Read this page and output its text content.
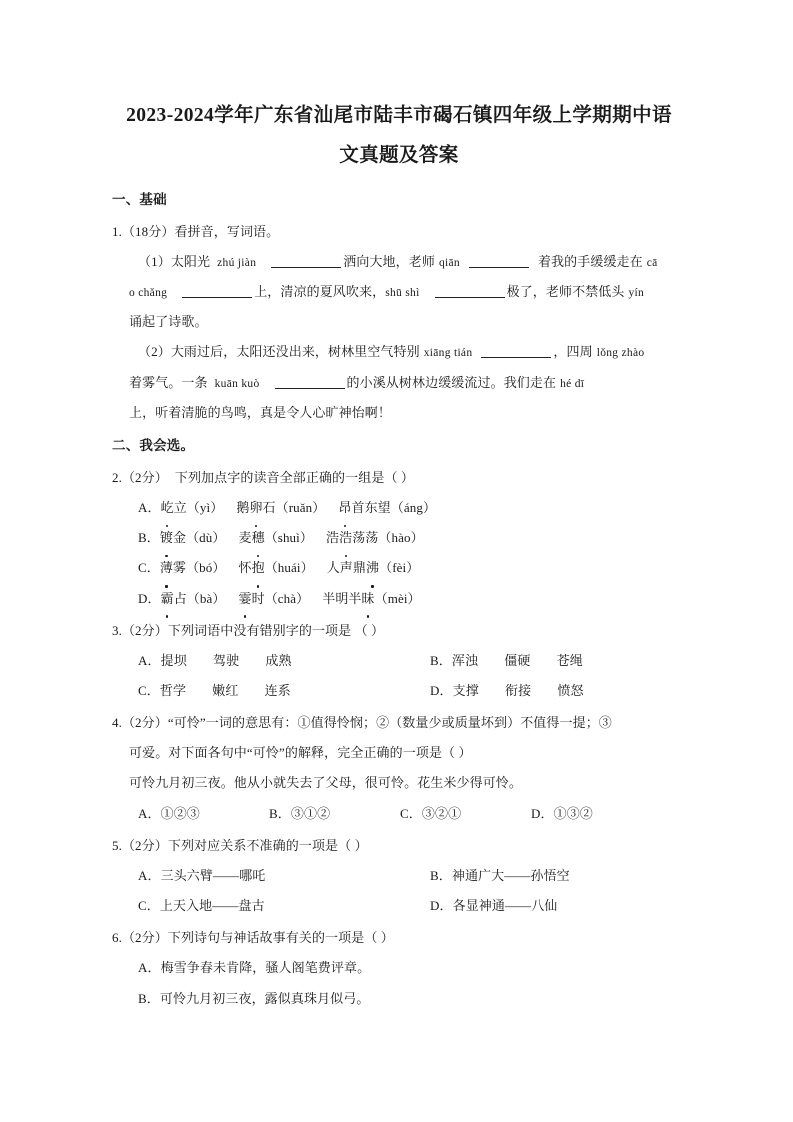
2023-2024学年广东省汕尾市陆丰市碣石镇四年级上学期期中语文真题及答案
一、基础
1.（18分）看拼音，写词语。
（1）太阳光 zhú jiàn	洒向大地，老师 qiān	着我的手缓缓走在 cā
o chǎng	上，清凉的夏风吹来，shū shì	极了，老师不禁低头 yín
诵起了诗歌。
（2）大雨过后，太阳还没出来，树林里空气特别 xiāng tián	，四周 lǒng zhào
着雾气。一条 kuān kuò	的小溪从树林边缓缓流过。我们走在 hé dī
上，听着清脆的鸟鸣，真是令人心旷神怡啊！
二、我会选。
2.（2分） 下列加点字的读音全部正确的一组是（ ）
A．屹立（yì） 鹅卵石（ruǎn） 昂首东望（áng）
B．镀金（dù） 麦穗（shuì） 浩浩荡荡（hào）
C．薄雾（bó） 怀抱（huái） 人声鼎沸（fèi）
D．霸占（bà） 霎时（chà） 半明半昧（mèi）
3.（2分）下列词语中没有错别字的一项是 （ ）
A．提坝　　驾驶　　成熟	B．浑浊　　僵硬　　苍绳
C．哲学　　嫩红　　连系	D．支撑　　衔接　　愤怒
4.（2分）“可怜”一词的意思有：①值得怜悯；②（数量少或质量坏到）不值得一提；③
可爱。对下面各句中“可怜”的解释，完全正确的一项是（ ）
可怜九月初三夜。他从小就失去了父母，很可怜。花生米少得可怜。
A．①②③	B．③①②	C．③②①	D．①③②
5.（2分）下列对应关系不准确的一项是（ ）
A．三头六臂——哪吒	B．神通广大——孙悟空
C．上天入地——盘古	D．各显神通——八仙
6.（2分）下列诗句与神话故事有关的一项是（ ）
A．梅雪争春未肯降，骚人阁笔费评章。
B．可怜九月初三夜，露似真珠月似弓。
